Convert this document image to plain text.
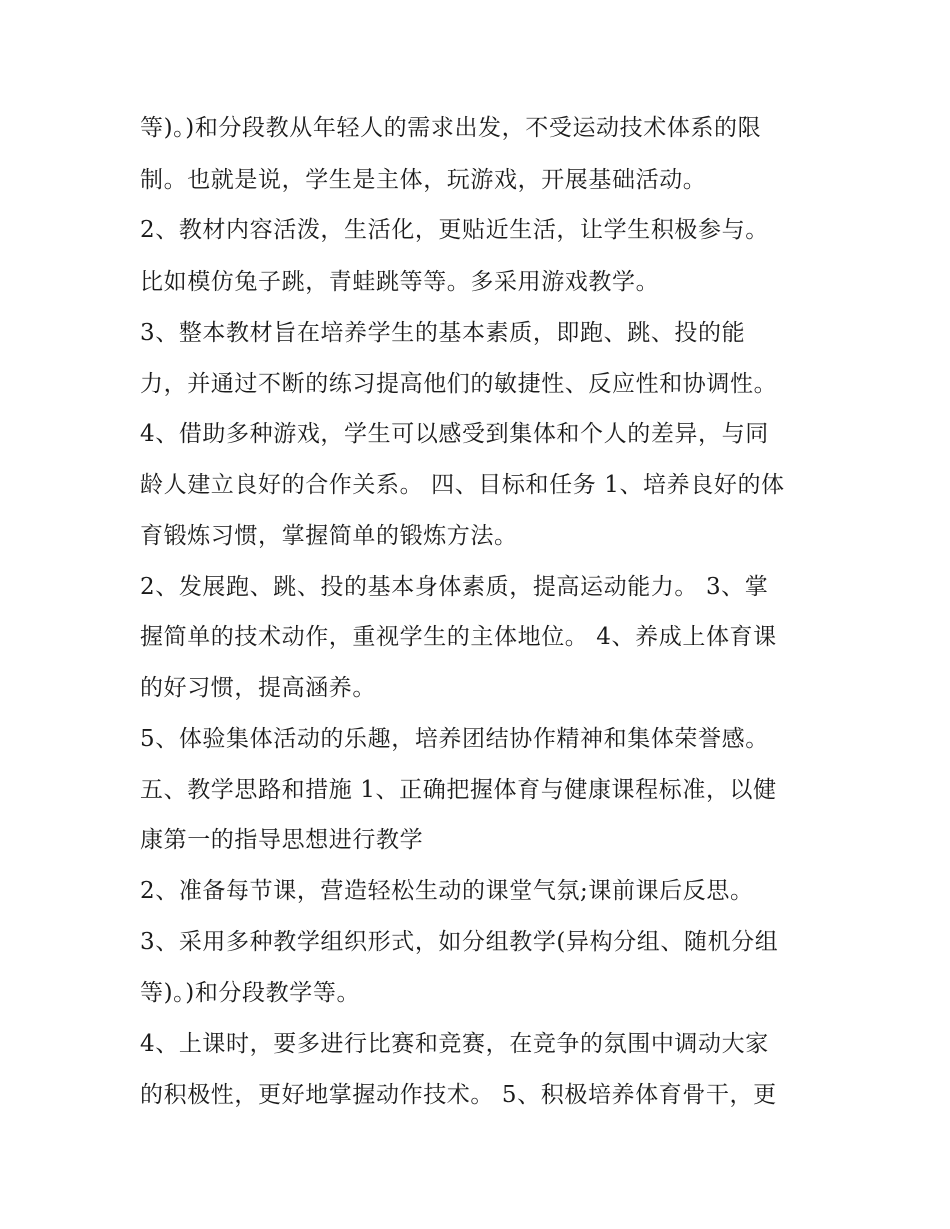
等)。)和分段教从年轻人的需求出发，不受运动技术体系的限
制。也就是说，学生是主体，玩游戏，开展基础活动。
2、教材内容活泼，生活化，更贴近生活，让学生积极参与。
比如模仿兔子跳，青蛙跳等等。多采用游戏教学。
3、整本教材旨在培养学生的基本素质，即跑、跳、投的能
力，并通过不断的练习提高他们的敏捷性、反应性和协调性。
4、借助多种游戏，学生可以感受到集体和个人的差异，与同
龄人建立良好的合作关系。 四、目标和任务 1、培养良好的体
育锻炼习惯，掌握简单的锻炼方法。
2、发展跑、跳、投的基本身体素质，提高运动能力。 3、掌
握简单的技术动作，重视学生的主体地位。 4、养成上体育课
的好习惯，提高涵养。
5、体验集体活动的乐趣，培养团结协作精神和集体荣誉感。
五、教学思路和措施 1、正确把握体育与健康课程标准，以健
康第一的指导思想进行教学
2、准备每节课，营造轻松生动的课堂气氛;课前课后反思。
3、采用多种教学组织形式，如分组教学(异构分组、随机分组
等)。)和分段教学等。
4、上课时，要多进行比赛和竞赛，在竞争的氛围中调动大家
的积极性，更好地掌握动作技术。 5、积极培养体育骨干，更
